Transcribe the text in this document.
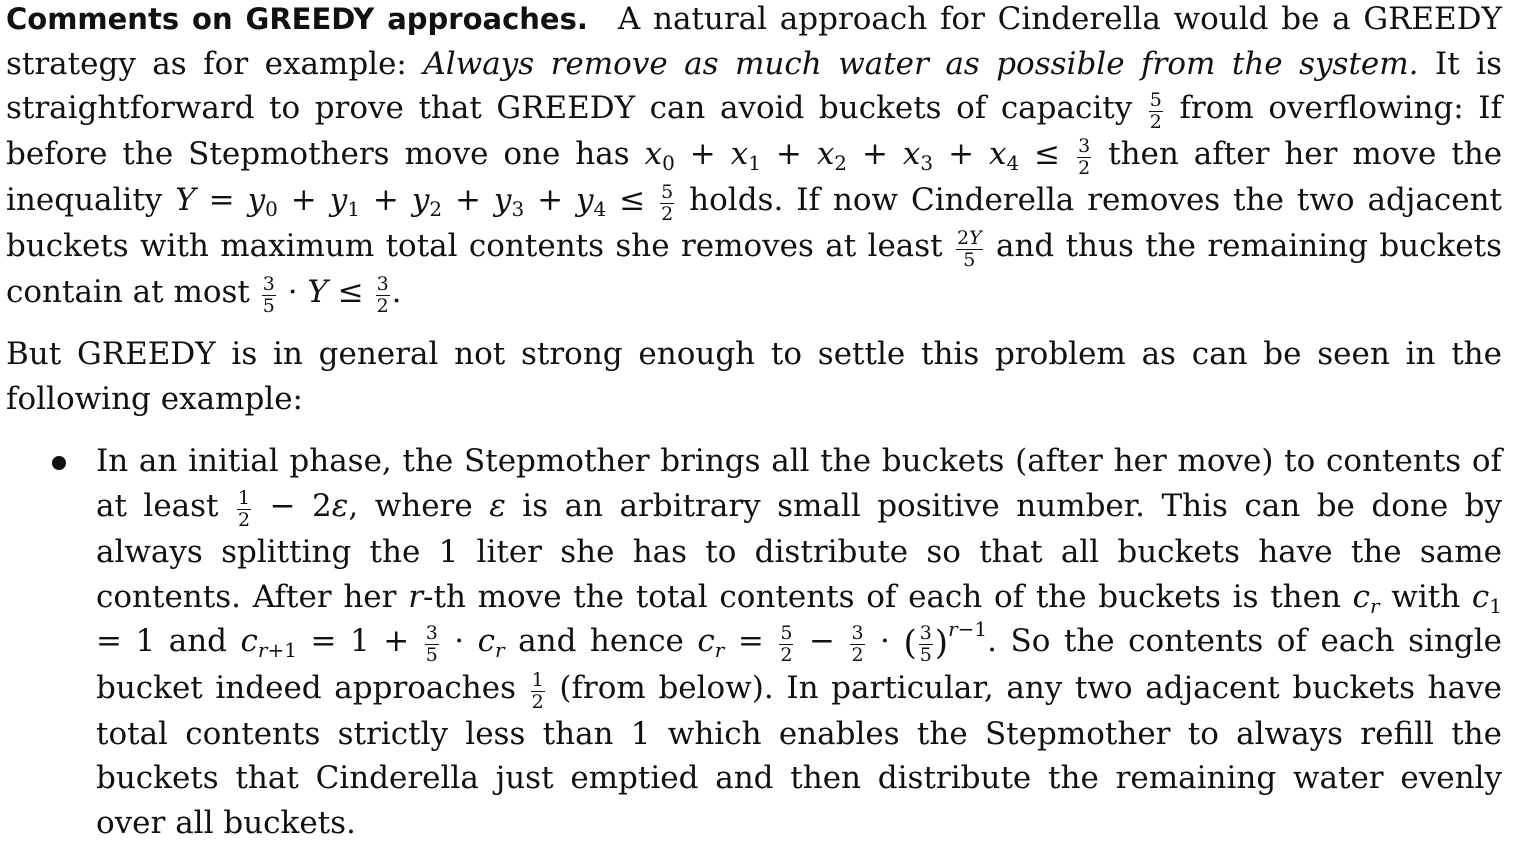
Comments on GREEDY approaches. A natural approach for Cinderella would be a GREEDY strategy as for example: Always remove as much water as possible from the system. It is straightforward to prove that GREEDY can avoid buckets of capacity $\frac{5}{2}$ from overflowing: If before the Stepmothers move one has $x_0 + x_1 + x_2 + x_3 + x_4 \le \frac{3}{2}$ then after her move the inequality $Y = y_0 + y_1 + y_2 + y_3 + y_4 \le \frac{5}{2}$ holds. If now Cinderella removes the two adjacent buckets with maximum total contents she removes at least $\frac{2Y}{5}$ and thus the remaining buckets contain at most $\frac{3}{5} \cdot Y \le \frac{3}{2}$ .

But GREEDY is in general not strong enough to settle this problem as can be seen in the following example:

In an initial phase, the Stepmother brings all the buckets (after her move) to contents of at least $\frac{1}{2} - 2\varepsilon$, where ε is an arbitrary small positive number. This can be done by always splitting the 1 liter she has to distribute so that all buckets have the same contents. After her r-th move the total contents of each of the buckets is then $c_r$ with $c_1 = 1$ and $c_{r+1} = 1 + \frac{3}{5} \cdot c_r$ and hence $c_r = \frac{5}{2} - \frac{3}{2}$ · ( $\frac{3}{5} )^{r-1}$. So the contents of each single bucket indeed approaches $\frac{1}{2}$ (from below). In particular, any two adjacent buckets have total contents strictly less than 1 which enables the Stepmother to always refill the buckets that Cinderella just emptied and then distribute the remaining water evenly over all buckets.
